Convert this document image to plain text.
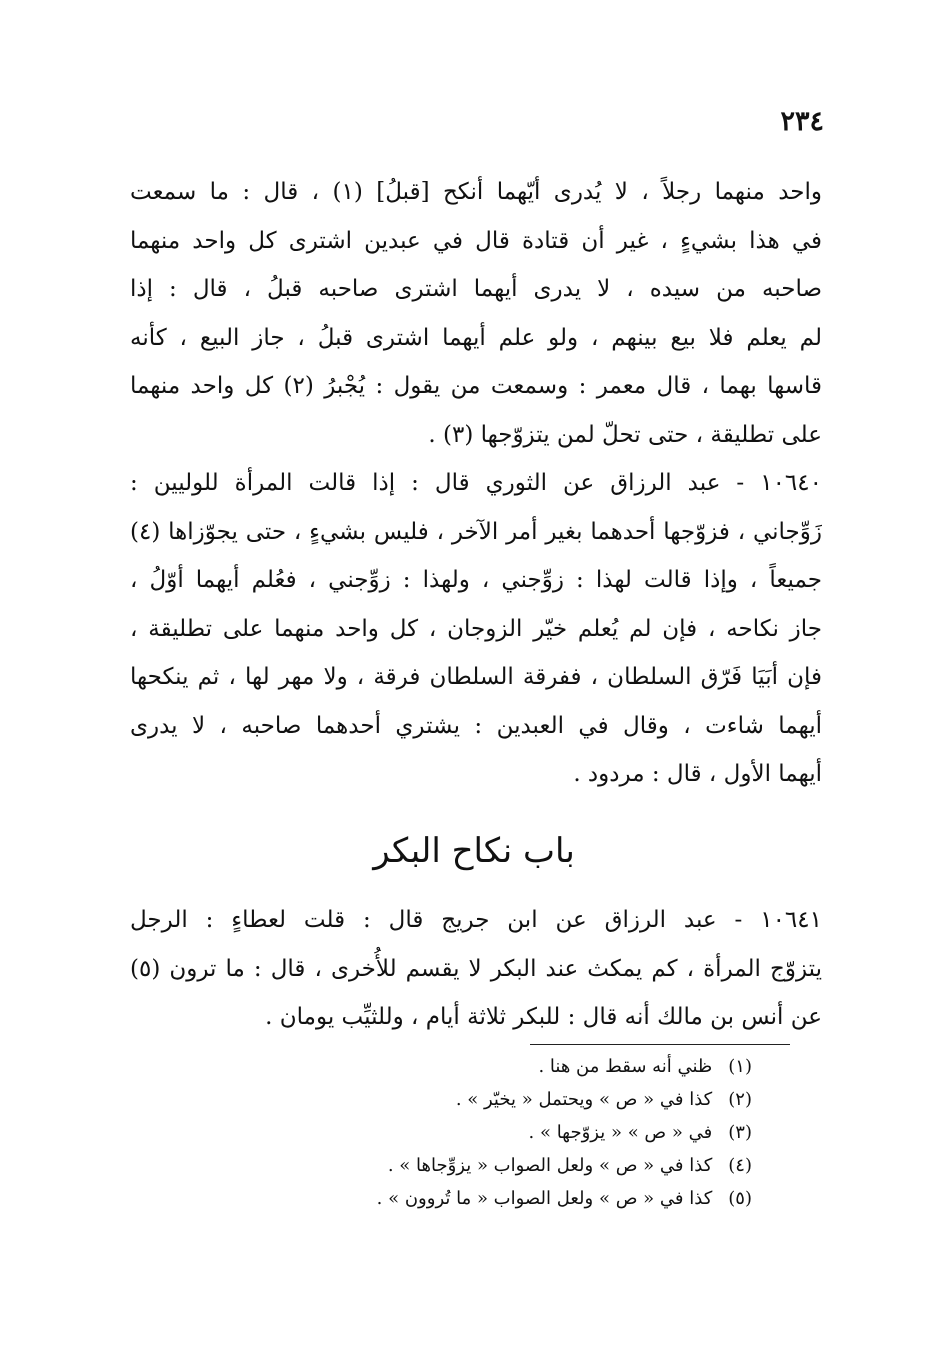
٢٣٤
واحد منهما رجلاً ، لا يُدرى أيّهما أنكح [قبلُ] (١) ، قال : ما سمعت
في هذا بشيءٍ ، غير أن قتادة قال في عبدين اشترى كل واحد منهما
صاحبه من سيده ، لا يدرى أيهما اشترى صاحبه قبلُ ، قال : إذا
لم يعلم فلا بيع بينهم ، ولو علم أيهما اشترى قبلُ ، جاز البيع ، كأنه
قاسها بهما ، قال معمر : وسمعت من يقول : يُجْبرُ (٢) كل واحد منهما
على تطليقة ، حتى تحلّ لمن يتزوّجها (٣) .
١٠٦٤٠ - عبد الرزاق عن الثوري قال : إذا قالت المرأة للوليين :
زَوِّجاني ، فزوّجها أحدهما بغير أمر الآخر ، فليس بشيءٍ ، حتى يجوّزاها (٤)
جميعاً ، وإذا قالت لهذا : زوِّجني ، ولهذا : زوِّجني ، فعُلم أيهما أوّلُ ،
جاز نكاحه ، فإن لم يُعلم خيّر الزوجان ، كل واحد منهما على تطليقة ،
فإن أبَيَا فَرّق السلطان ، ففرقة السلطان فرقة ، ولا مهر لها ، ثم ينكحها
أيهما شاءت ، وقال في العبدين : يشتري أحدهما صاحبه ، لا يدرى
أيهما الأول ، قال : مردود .
باب نكاح البكر
١٠٦٤١ - عبد الرزاق عن ابن جريج قال : قلت لعطاءٍ : الرجل
يتزوّج المرأة ، كم يمكث عند البكر لا يقسم للأُخرى ، قال : ما ترون (٥)
عن أنس بن مالك أنه قال : للبكر ثلاثة أيام ، وللثيِّب يومان .
(١) ظني أنه سقط من هنا .
(٢) كذا في « ص » ويحتمل « يخيّر » .
(٣) في « ص » « يزوّجها » .
(٤) كذا في « ص » ولعل الصواب « يزوِّجاها » .
(٥) كذا في « ص » ولعل الصواب « ما تُروون » .
